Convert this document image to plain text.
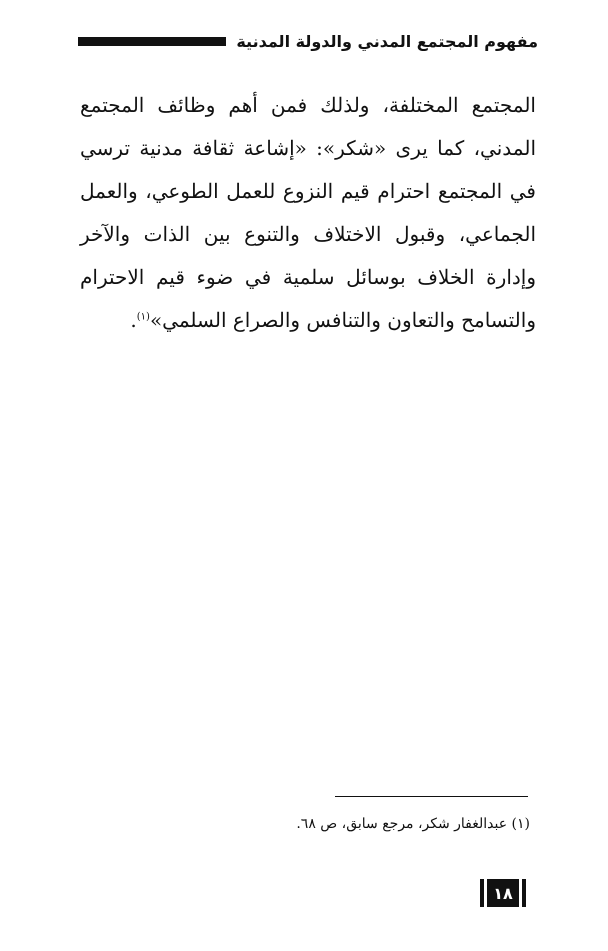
مفهوم المجتمع المدني والدولة المدنية
المجتمع المختلفة، ولذلك فمن أهم وظائف المجتمع المدني، كما يرى «شكر»: «إشاعة ثقافة مدنية ترسي في المجتمع احترام قيم النزوع للعمل الطوعي، والعمل الجماعي، وقبول الاختلاف والتنوع بين الذات والآخر وإدارة الخلاف بوسائل سلمية في ضوء قيم الاحترام والتسامح والتعاون والتنافس والصراع السلمي»$^{(١)}$.
(١) عبدالغفار شكر، مرجع سابق، ص ٦٨.
١٨
